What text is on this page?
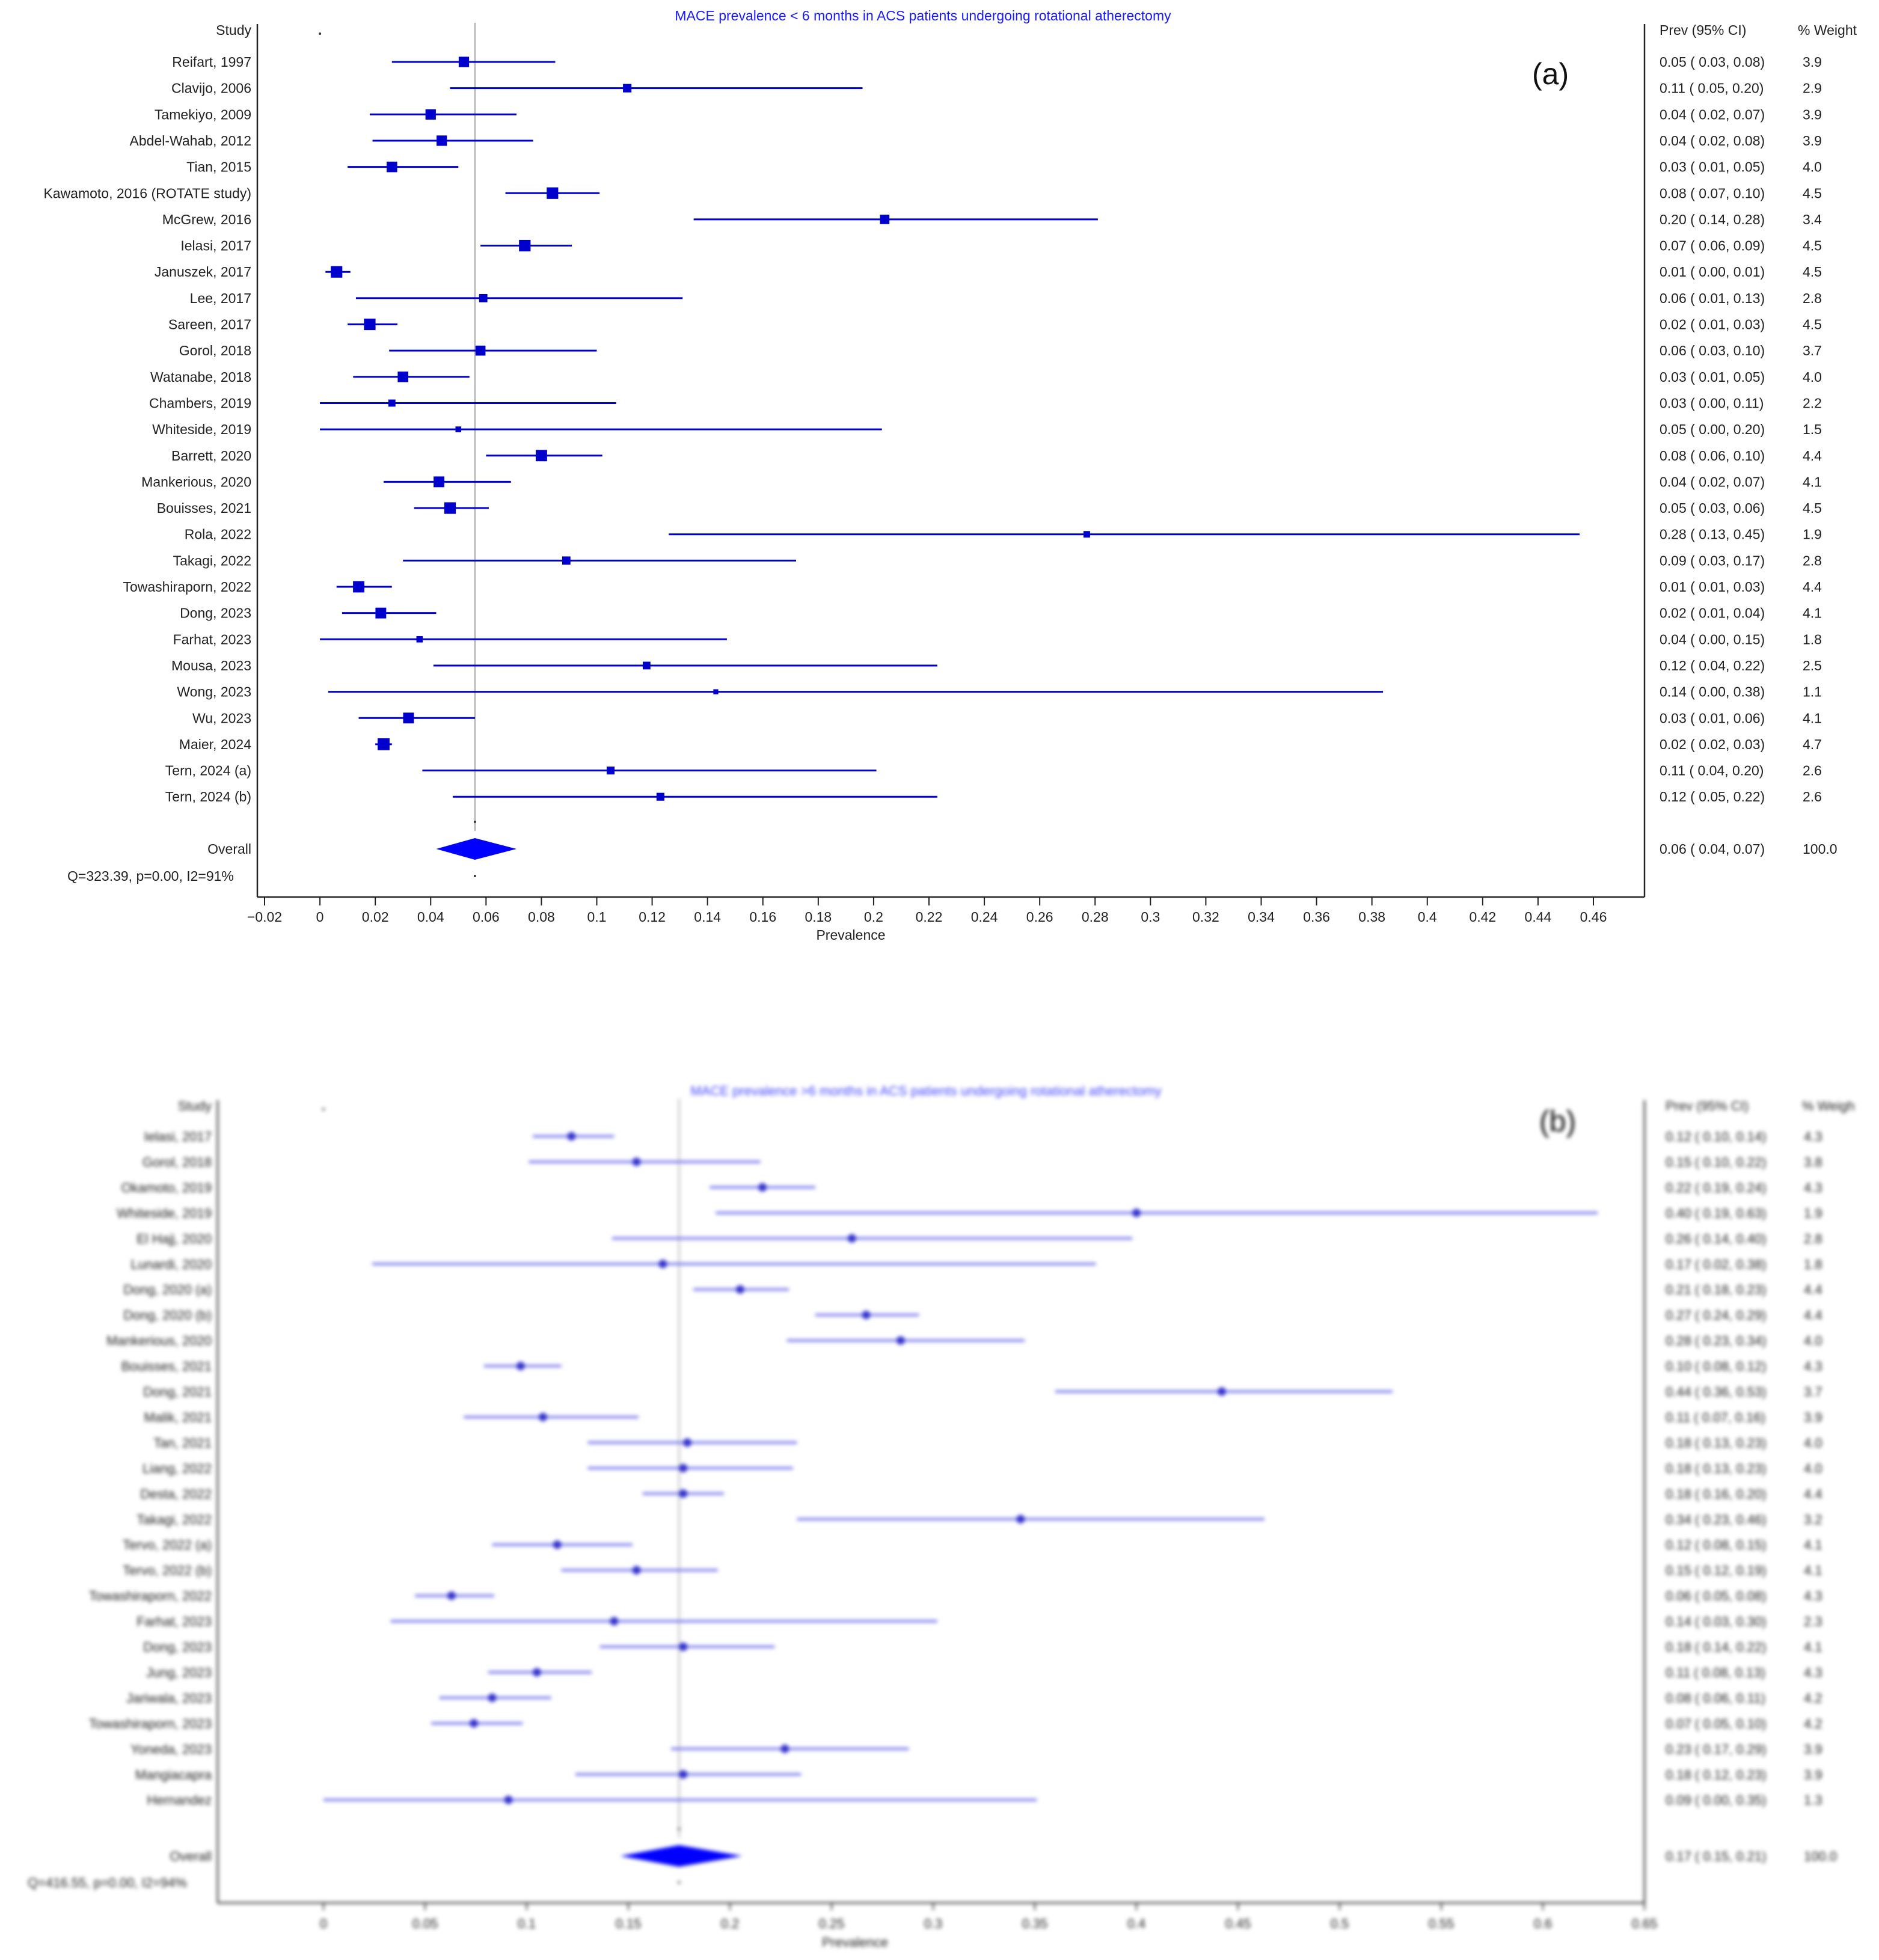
MACE prevalence < 6 months in ACS patients undergoing rotational atherectomy
(a)
Study	Prev (95% CI)	% Weight
−0.02 0	0.02 0.04 0.06 0.08 0.1 0.12 0.14 0.16 0.18 0.2 0.22 0.24 0.26 0.28 0.3 0.32 0.34 0.36 0.38 0.4 0.42 0.44 0.46
Prevalence
Reifart, 1997	0.05 ( 0.03, 0.08)	3.9
Clavijo, 2006	0.11 ( 0.05, 0.20)	2.9
Tamekiyo, 2009	0.04 ( 0.02, 0.07)	3.9
Abdel-Wahab, 2012	0.04 ( 0.02, 0.08)	3.9
Tian, 2015	0.03 ( 0.01, 0.05)	4.0
Kawamoto, 2016 (ROTATE study)	0.08 ( 0.07, 0.10)	4.5
McGrew, 2016	0.20 ( 0.14, 0.28)	3.4
Ielasi, 2017	0.07 ( 0.06, 0.09)	4.5
Januszek, 2017	0.01 ( 0.00, 0.01)	4.5
Lee, 2017	0.06 ( 0.01, 0.13)	2.8
Sareen, 2017	0.02 ( 0.01, 0.03)	4.5
Gorol, 2018	0.06 ( 0.03, 0.10)	3.7
Watanabe, 2018	0.03 ( 0.01, 0.05)	4.0
Chambers, 2019	0.03 ( 0.00, 0.11)	2.2
Whiteside, 2019	0.05 ( 0.00, 0.20)	1.5
Barrett, 2020	0.08 ( 0.06, 0.10)	4.4
Mankerious, 2020	0.04 ( 0.02, 0.07)	4.1
Bouisses, 2021	0.05 ( 0.03, 0.06)	4.5
Rola, 2022	0.28 ( 0.13, 0.45)	1.9
Takagi, 2022	0.09 ( 0.03, 0.17)	2.8
Towashiraporn, 2022	0.01 ( 0.01, 0.03)	4.4
Dong, 2023	0.02 ( 0.01, 0.04)	4.1
Farhat, 2023	0.04 ( 0.00, 0.15)	1.8
Mousa, 2023	0.12 ( 0.04, 0.22)	2.5
Wong, 2023	0.14 ( 0.00, 0.38)	1.1
Wu, 2023	0.03 ( 0.01, 0.06)	4.1
Maier, 2024	0.02 ( 0.02, 0.03)	4.7
Tern, 2024 (a)	0.11 ( 0.04, 0.20)	2.6
Tern, 2024 (b)	0.12 ( 0.05, 0.22)	2.6
Overall	0.06 ( 0.04, 0.07)	100.0
Q=323.39, p=0.00, I2=91%
MACE prevalence >6 months in ACS patients undergoing rotational atherectomy
(b)
Study	Prev (95% CI)	% Weigh
0	0.05	0.1	0.15	0.2	0.25	0.3	0.35	0.4	0.45	0.5	0.55	0.6	0.65
Prevalence
Ielasi, 2017	0.12 ( 0.10, 0.14)	4.3
Gorol, 2018	0.15 ( 0.10, 0.22)	3.8
Okamoto, 2019	0.22 ( 0.19, 0.24)	4.3
Whiteside, 2019	0.40 ( 0.19, 0.63)	1.9
El Hajj, 2020	0.26 ( 0.14, 0.40)	2.8
Lunardi, 2020	0.17 ( 0.02, 0.38)	1.8
Dong, 2020 (a)	0.21 ( 0.18, 0.23)	4.4
Dong, 2020 (b)	0.27 ( 0.24, 0.29)	4.4
Mankerious, 2020	0.28 ( 0.23, 0.34)	4.0
Bouisses, 2021	0.10 ( 0.08, 0.12)	4.3
Dong, 2021	0.44 ( 0.36, 0.53)	3.7
Malik, 2021	0.11 ( 0.07, 0.16)	3.9
Tan, 2021	0.18 ( 0.13, 0.23)	4.0
Liang, 2022	0.18 ( 0.13, 0.23)	4.0
Desta, 2022	0.18 ( 0.16, 0.20)	4.4
Takagi, 2022	0.34 ( 0.23, 0.46)	3.2
Tervo, 2022 (a)	0.12 ( 0.08, 0.15)	4.1
Tervo, 2022 (b)	0.15 ( 0.12, 0.19)	4.1
Towashiraporn, 2022	0.06 ( 0.05, 0.08)	4.3
Farhat, 2023	0.14 ( 0.03, 0.30)	2.3
Dong, 2023	0.18 ( 0.14, 0.22)	4.1
Jung, 2023	0.11 ( 0.08, 0.13)	4.3
Jariwala, 2023	0.08 ( 0.06, 0.11)	4.2
Towashiraporn, 2023	0.07 ( 0.05, 0.10)	4.2
Yoneda, 2023	0.23 ( 0.17, 0.29)	3.9
Mangiacapra	0.18 ( 0.12, 0.23)	3.9
Hernandez	0.09 ( 0.00, 0.35)	1.3
Overall	0.17 ( 0.15, 0.21)	100.0
Q=416.55, p=0.00, I2=94%
